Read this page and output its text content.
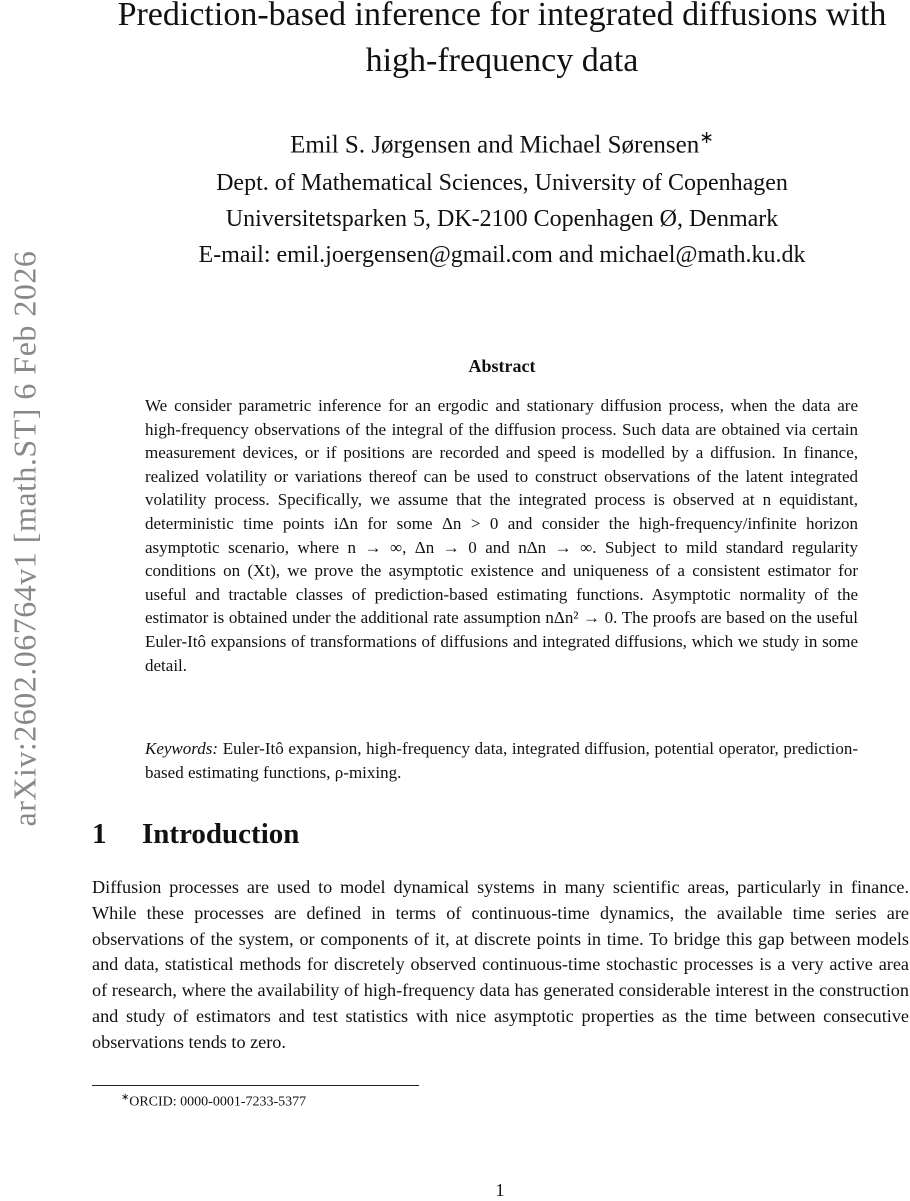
arXiv:2602.06764v1 [math.ST] 6 Feb 2026
Prediction-based inference for integrated diffusions with
high-frequency data
Emil S. Jørgensen and Michael Sørensen∗
Dept. of Mathematical Sciences, University of Copenhagen
Universitetsparken 5, DK-2100 Copenhagen Ø, Denmark
E-mail: emil.joergensen@gmail.com and michael@math.ku.dk
Abstract

We consider parametric inference for an ergodic and stationary diffusion process, when the data are high-frequency observations of the integral of the diffusion process. Such data are obtained via certain measurement devices, or if positions are recorded and speed is modelled by a diffusion. In finance, realized volatility or variations thereof can be used to construct observations of the latent integrated volatility process. Specifically, we assume that the integrated process is observed at n equidistant, deterministic time points iΔn for some Δn > 0 and consider the high-frequency/infinite horizon asymptotic scenario, where n → ∞, Δn → 0 and nΔn → ∞. Subject to mild standard regularity conditions on (Xt), we prove the asymptotic existence and uniqueness of a consistent estimator for useful and tractable classes of prediction-based estimating functions. Asymptotic normality of the estimator is obtained under the additional rate assumption nΔn² → 0. The proofs are based on the useful Euler-Itô expansions of transformations of diffusions and integrated diffusions, which we study in some detail.

Keywords: Euler-Itô expansion, high-frequency data, integrated diffusion, potential operator, prediction-based estimating functions, ρ-mixing.

1 Introduction

Diffusion processes are used to model dynamical systems in many scientific areas, particularly in finance. While these processes are defined in terms of continuous-time dynamics, the available time series are observations of the system, or components of it, at discrete points in time. To bridge this gap between models and data, statistical methods for discretely observed continuous-time stochastic processes is a very active area of research, where the availability of high-frequency data has generated considerable interest in the construction and study of estimators and test statistics with nice asymptotic properties as the time between consecutive observations tends to zero.

∗ORCID: 0000-0001-7233-5377
1
